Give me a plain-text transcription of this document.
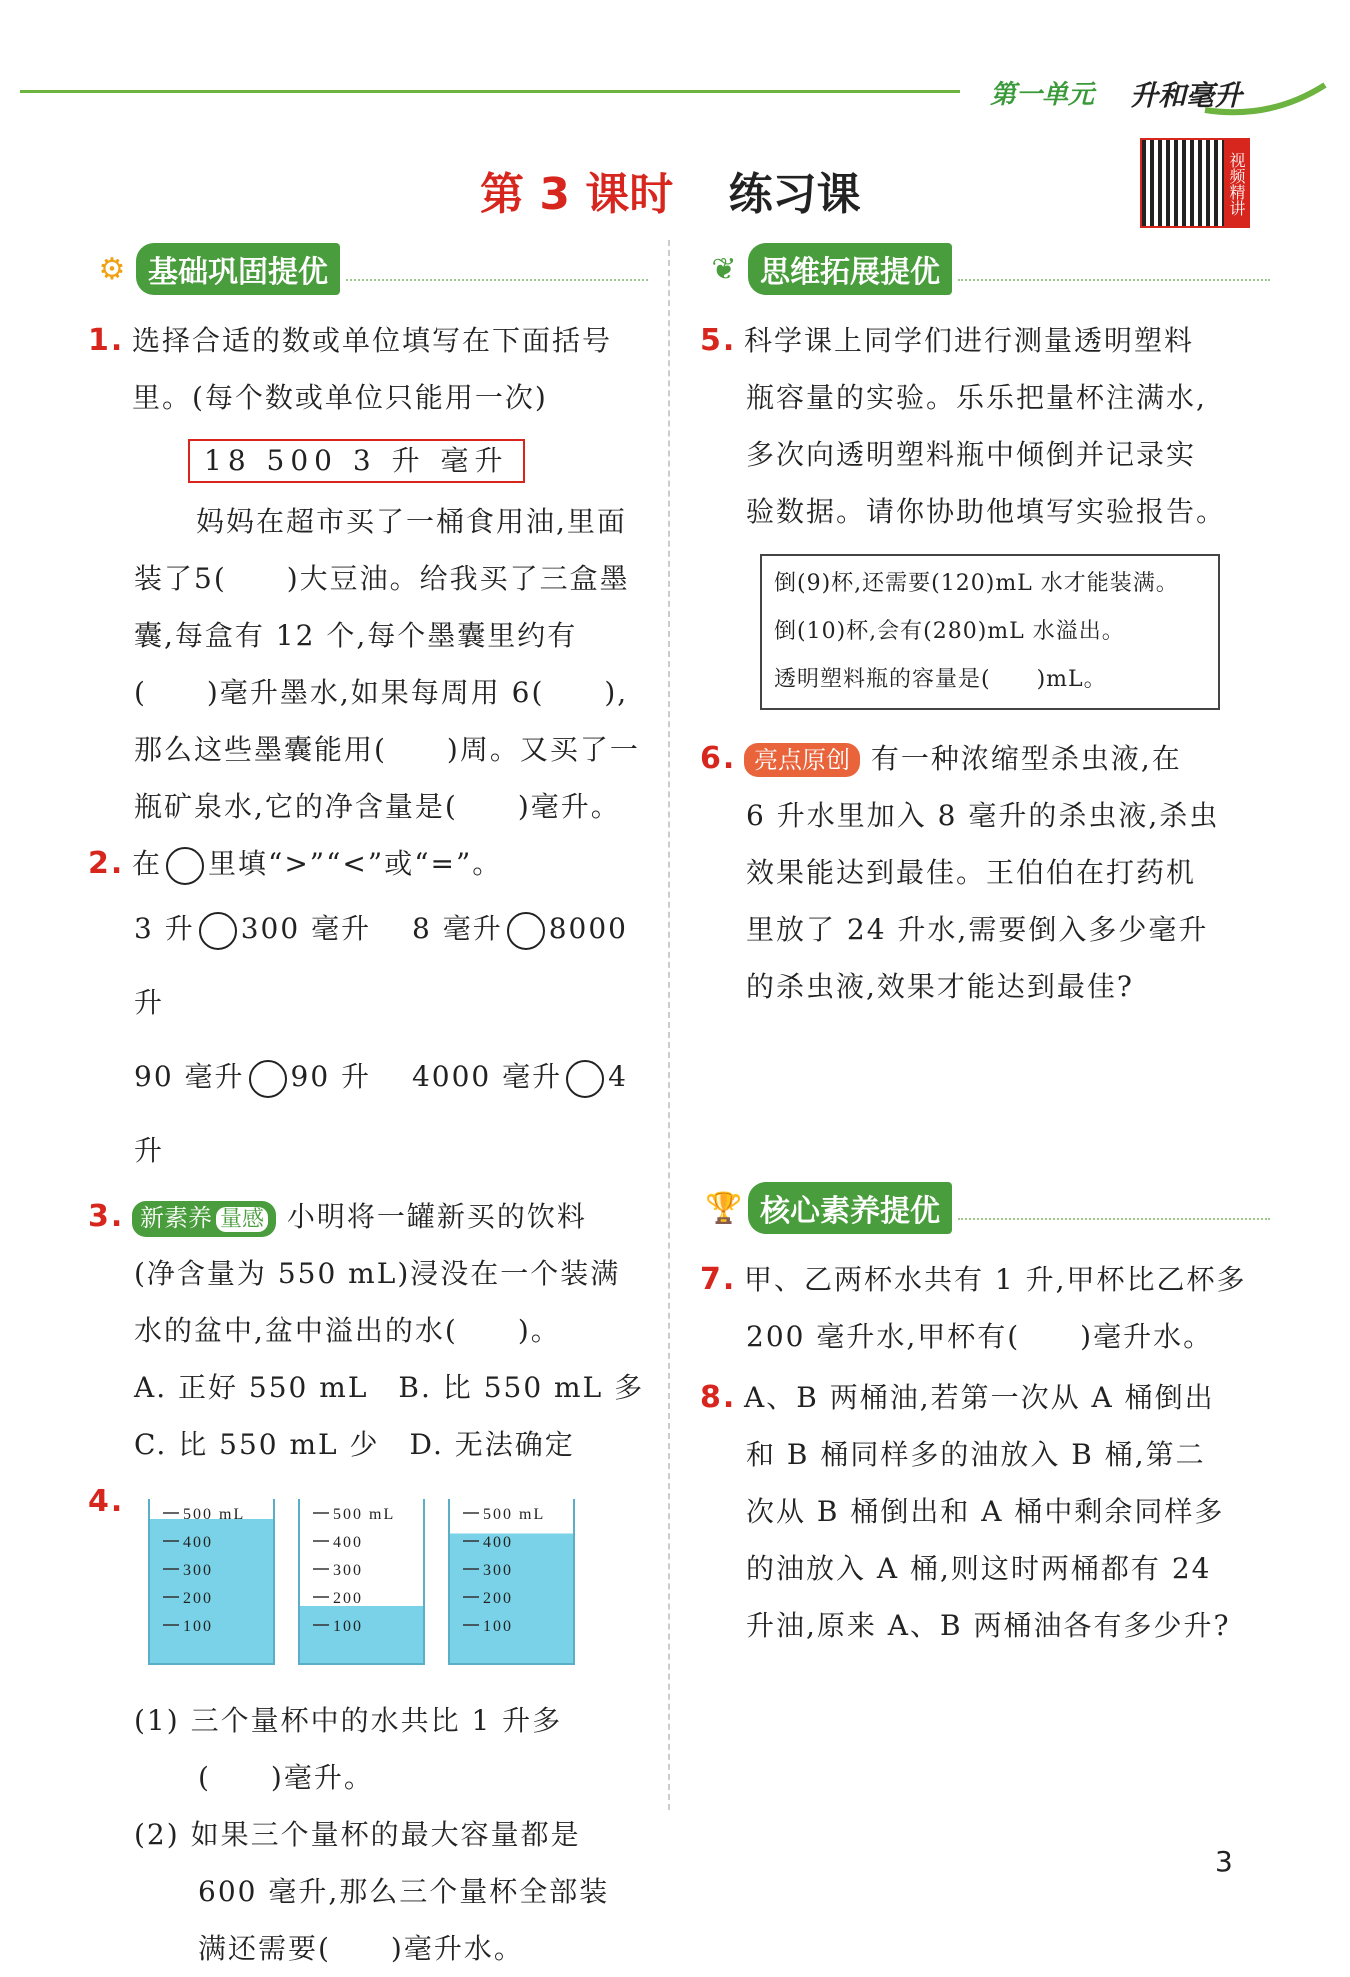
第一单元 升和毫升
第 3 课时 练习课	视频精讲
⚙ 基础巩固提优
1. 选择合适的数或单位填写在下面括号里。(每个数或单位只能用一次)
18 500 3 升 毫升
妈妈在超市买了一桶食用油,里面
装了5(　　)大豆油。给我买了三盒墨
囊,每盒有 12 个,每个墨囊里约有
(　　)毫升墨水,如果每周用 6(　　),
那么这些墨囊能用(　　)周。又买了一
瓶矿泉水,它的净含量是(　　)毫升。
2. 在 里填“>”“<”或“=”。
3 升 300 毫升 8 毫升 8000 升
90 毫升 90 升 4000 毫升 4 升
3. 新素养 量感 小明将一罐新买的饮料
(净含量为 550 mL)浸没在一个装满
水的盆中,盆中溢出的水(　　)。
A. 正好 550 mL B. 比 550 mL 多
C. 比 550 mL 少 D. 无法确定
4.	500 mL
400
300
200
100
500 mL
400
300
200
100
500 mL
400
300
200
100
(1) 三个量杯中的水共比 1 升多
(　　)毫升。
(2) 如果三个量杯的最大容量都是
600 毫升,那么三个量杯全部装
满还需要(　　)毫升水。
❦ 思维拓展提优
5. 科学课上同学们进行测量透明塑料
瓶容量的实验。乐乐把量杯注满水,
多次向透明塑料瓶中倾倒并记录实
验数据。请你协助他填写实验报告。
倒(9)杯,还需要(120)mL 水才能装满。
倒(10)杯,会有(280)mL 水溢出。
透明塑料瓶的容量是(　　)mL。
6. 亮点原创 有一种浓缩型杀虫液,在
6 升水里加入 8 毫升的杀虫液,杀虫
效果能达到最佳。王伯伯在打药机
里放了 24 升水,需要倒入多少毫升
的杀虫液,效果才能达到最佳?
🏆 核心素养提优
7. 甲、乙两杯水共有 1 升,甲杯比乙杯多
200 毫升水,甲杯有(　　)毫升水。
8. A、B 两桶油,若第一次从 A 桶倒出
和 B 桶同样多的油放入 B 桶,第二
次从 B 桶倒出和 A 桶中剩余同样多
的油放入 A 桶,则这时两桶都有 24
升油,原来 A、B 两桶油各有多少升?
3
